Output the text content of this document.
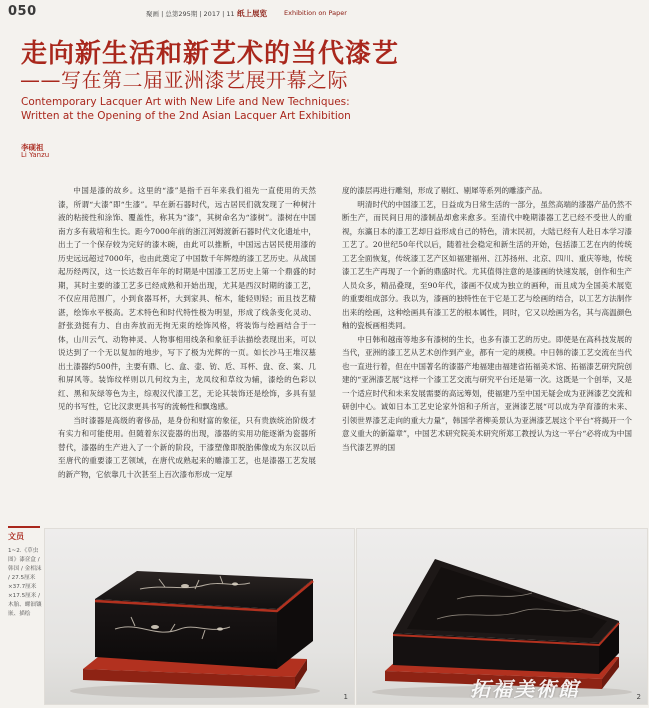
050	聚画 | 总第295期 | 2017 | 11 纸上展览	Exhibition on Paper
走向新生活和新艺术的当代漆艺
——写在第二届亚洲漆艺展开幕之际
Contemporary Lacquer Art with New Life and New Techniques:
Written at the Opening of the 2nd Asian Lacquer Art Exhibition
李砚祖
Li Yanzu

中国是漆的故乡。这里的“漆”是指千百年来我们祖先一直使用的天然漆，所谓“大漆”即“生漆”。早在新石器时代，远古居民们就发现了一种树汁液的粘接性和涂饰、覆盖性，称其为“漆”，其树命名为“漆树”。漆树在中国南方多有栽培和生长。距今7000年前的浙江河姆渡新石器时代文化遗址中，出土了一个保存较为完好的漆木碗，由此可以推断，中国远古居民使用漆的历史远远超过7000年，也由此奠定了中国数千年辉煌的漆工艺历史。从战国起历经两汉，这一长达数百年年的时期是中国漆工艺历史上第一个鼎盛的时期，其时主要的漆工艺多已经成熟和开始出现，尤其是西汉时期的漆工艺，不仅应用范围广，小到食器耳杯，大到家具、棺木，能轻则轻；而且技艺精湛，绘饰水平极高。艺术特色和时代特性极为明显，形成了线条变化灵动、舒张劲挺有力、自由奔放而无拘无束的绘饰风格，将装饰与绘画结合于一体，山川云气、动物神灵、人物事相用线条和象征手法描绘表现出来，可以说达到了一个无以复加的地步，写下了极为光辉的一页。如长沙马王堆汉墓出土漆器约500件，主要有鼎、匕、盒、壶、钫、卮、耳杯、盘、奁、案、几和屏风等。装饰纹样则以几何纹为主，龙凤纹和草纹为辅，漆绘的色彩以红、黑和灰绿等色为主，综观汉代漆工艺，无论其装饰还是绘饰，多具有显见的书写性，它比汉隶更具书写的流畅性和飘逸感。

当时漆器是高级的奢侈品，是身份和财富的象征，只有贵族统治阶级才有实力和可能使用。但随着东汉瓷器的出现，漆器的实用功能逐渐为瓷器所替代，漆器的生产进入了一个新的阶段，干漆塑像即脱胎佛像成为东汉以后至唐代的重要漆工艺领域，在唐代成熟起来的雕漆工艺，也是漆器工艺发展的新产物，它依靠几十次甚至上百次漆布形成一定厚

度的漆层再进行雕刻，形成了剔红、剔犀等系列的雕漆产品。

明清时代的中国漆工艺，日益成为日常生活的一部分，虽然高端的漆器产品仍然不断生产，而民间日用的漆制品却愈来愈多。至清代中晚期漆器工艺已经不受世人的重视，东瀛日本的漆工艺却日益形成自己的特色，清末民初，大陆已经有人赴日本学习漆工艺了。20世纪50年代以后，随着社会稳定和新生活的开始，包括漆工艺在内的传统工艺全面恢复，传统漆工艺产区如福建福州、江苏扬州、北京、四川、重庆等地，传统漆工艺生产再现了一个新的鼎盛时代。尤其值得注意的是漆画的快速发展，创作和生产人员众多，精品叠现，至90年代，漆画不仅成为独立的画种，而且成为全国美术展览的重要组成部分。我以为，漆画的独特性在于它是工艺与绘画的结合，以工艺方法制作出来的绘画，这种绘画具有漆工艺的根本属性，同时，它又以绘画为名，其与高温颜色釉的瓷板画相类同。

中日韩和越南等地多有漆树的生长，也多有漆工艺的历史。即使是在高科技发展的当代，亚洲的漆工艺从艺术创作到产业，都有一定的规模。中日韩的漆工艺交流在当代也一直进行着，但在中国著名的漆器产地福建由福建省拓福美术馆、拓福漆艺研究院创建的“亚洲漆艺展”这样一个漆工艺交流与研究平台还是第一次。这既是一个创举，又是一个适应时代和未来发展需要的高远筹划，使福建乃至中国无疑会成为亚洲漆艺交流和研创中心。诚如日本工艺史论家外馆和子所言，亚洲漆艺展“可以成为孕育漆的未来、引领世界漆艺走向的重大力量”，韩国学者柳美景认为亚洲漆艺展这个平台“将揭开一个意义重大的新篇章”，中国艺术研究院美术研究所郑工教授认为这一平台“必将成为中国当代漆艺界的国

文员
1~2.《草虫图》漆奁盒 / 韩国 / 金相沫 / 27.5厘米×37.7厘米×17.5厘米 / 木胎、螺钿镶嵌、描绘
1	2
拓福美術館
